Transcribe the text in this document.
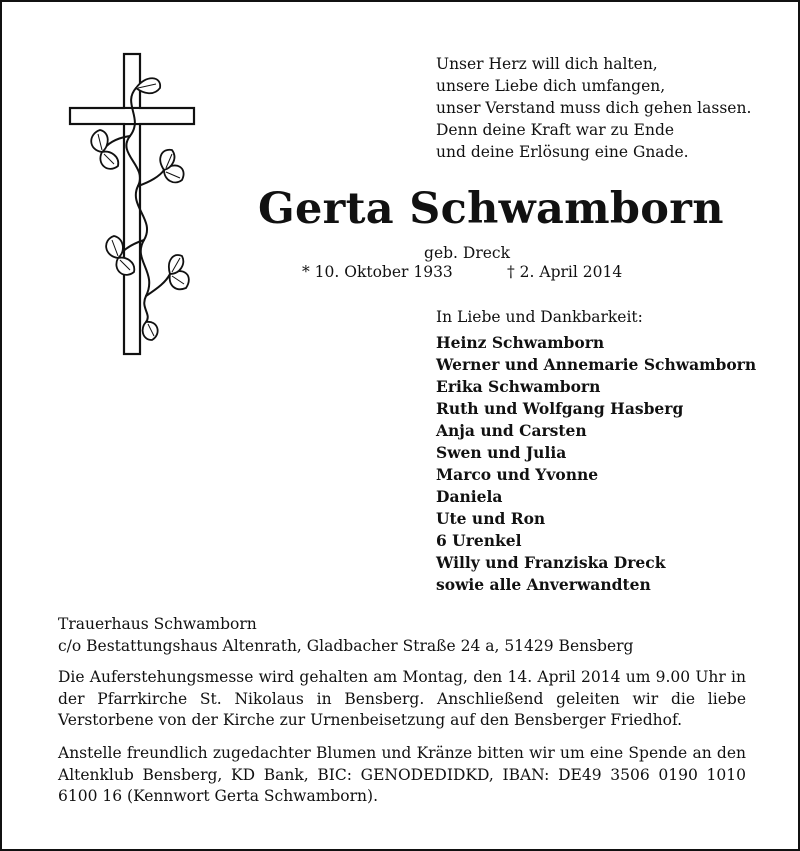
Unser Herz will dich halten,
unsere Liebe dich umfangen,
unser Verstand muss dich gehen lassen.
Denn deine Kraft war zu Ende
und deine Erlösung eine Gnade.
Gerta Schwamborn
geb. Dreck
* 10. Oktober 1933	† 2. April 2014
In Liebe und Dankbarkeit:
Heinz Schwamborn
Werner und Annemarie Schwamborn
Erika Schwamborn
Ruth und Wolfgang Hasberg
Anja und Carsten
Swen und Julia
Marco und Yvonne
Daniela
Ute und Ron
6 Urenkel
Willy und Franziska Dreck
sowie alle Anverwandten
Trauerhaus Schwamborn
c/o Bestattungshaus Altenrath, Gladbacher Straße 24 a, 51429 Bensberg
Die Auferstehungsmesse wird gehalten am Montag, den 14. April 2014 um 9.00 Uhr in der Pfarrkirche St. Nikolaus in Bensberg. Anschließend geleiten wir die liebe Verstorbene von der Kirche zur Urnenbeisetzung auf den Bensberger Friedhof.
Anstelle freundlich zugedachter Blumen und Kränze bitten wir um eine Spende an den Altenklub Bensberg, KD Bank, BIC: GENODEDIDKD, IBAN: DE49 3506 0190 1010 6100 16 (Kennwort Gerta Schwamborn).
